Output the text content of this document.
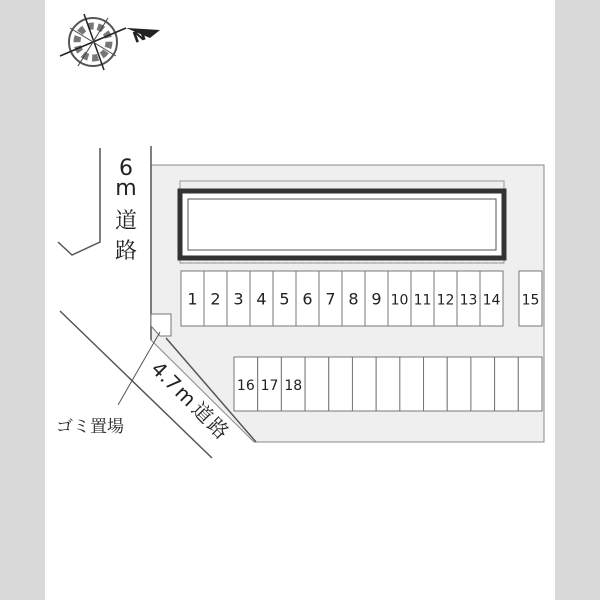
N
ゴミ置場
6
m
道
路
4.7m道路
1 2 3 4 5 6 7 8 9 10 11 12 13 14 15
16 17 18
